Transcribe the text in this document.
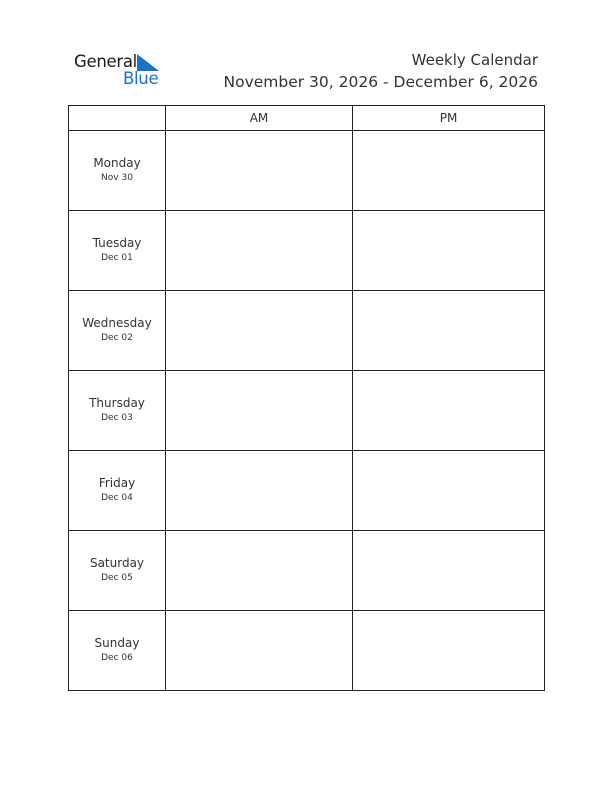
General
Blue
Weekly Calendar
November 30, 2026 - December 6, 2026
	AM	PM

Monday
Nov 30		

Tuesday
Dec 01		

Wednesday
Dec 02		

Thursday
Dec 03		

Friday
Dec 04		

Saturday
Dec 05		

Sunday
Dec 06		
